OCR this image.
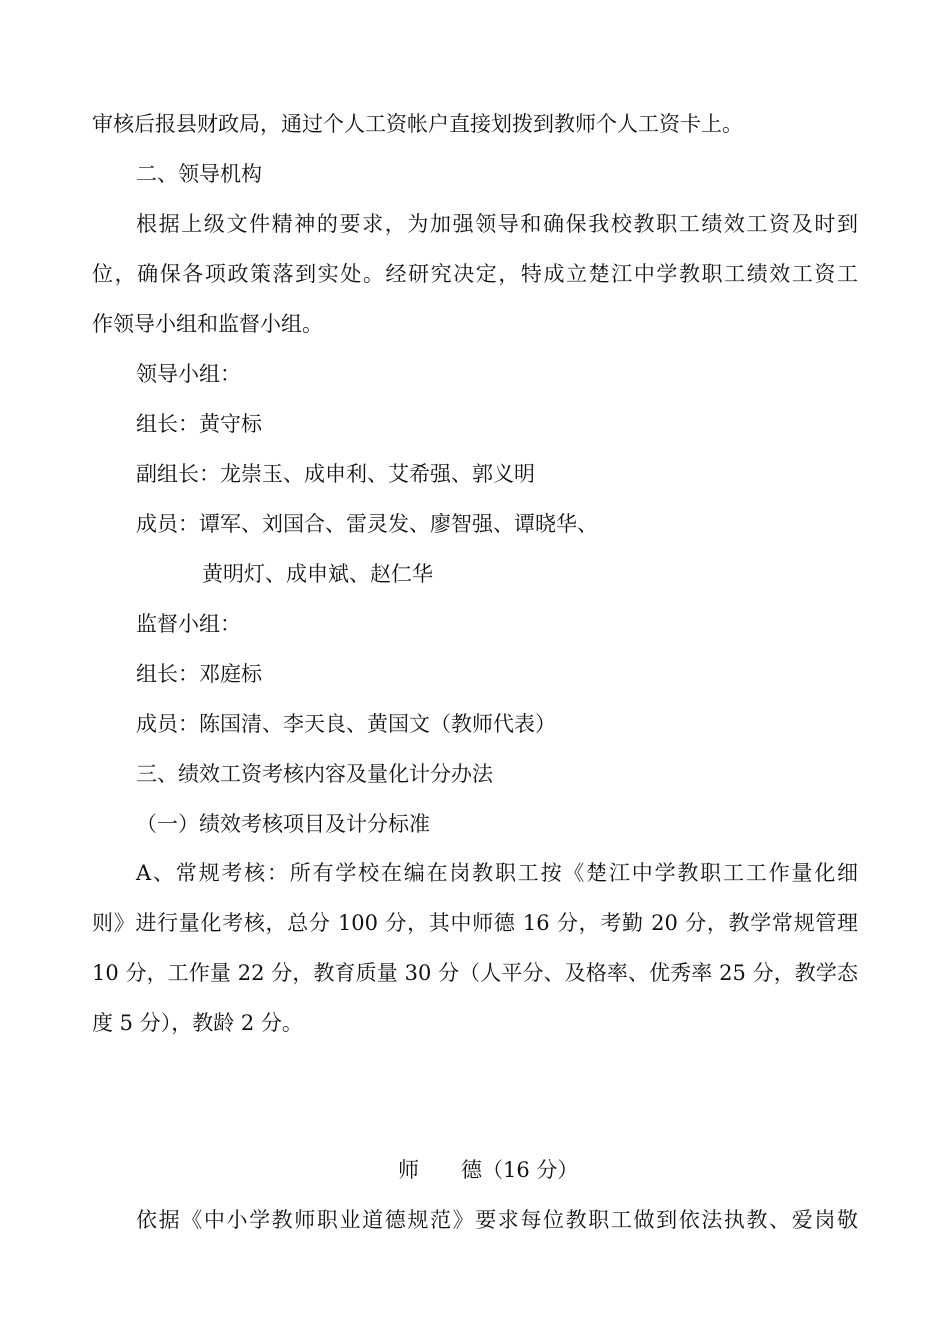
审核后报县财政局，通过个人工资帐户直接划拨到教师个人工资卡上。
二、领导机构
根据上级文件精神的要求，为加强领导和确保我校教职工绩效工资及时到
位，确保各项政策落到实处。经研究决定，特成立楚江中学教职工绩效工资工
作领导小组和监督小组。
领导小组：
组长：黄守标
副组长：龙崇玉、成申利、艾希强、郭义明
成员：谭军、刘国合、雷灵发、廖智强、谭晓华、
黄明灯、成申斌、赵仁华
监督小组：
组长：邓庭标
成员：陈国清、李天良、黄国文（教师代表）
三、绩效工资考核内容及量化计分办法
（一）绩效考核项目及计分标准
A、常规考核：所有学校在编在岗教职工按《楚江中学教职工工作量化细
则》进行量化考核，总分 100 分，其中师德 16 分，考勤 20 分，教学常规管理
10 分，工作量 22 分，教育质量 30 分（人平分、及格率、优秀率 25 分，教学态
度 5 分），教龄 2 分。
师　　德（16 分）
依据《中小学教师职业道德规范》要求每位教职工做到依法执教、爱岗敬
